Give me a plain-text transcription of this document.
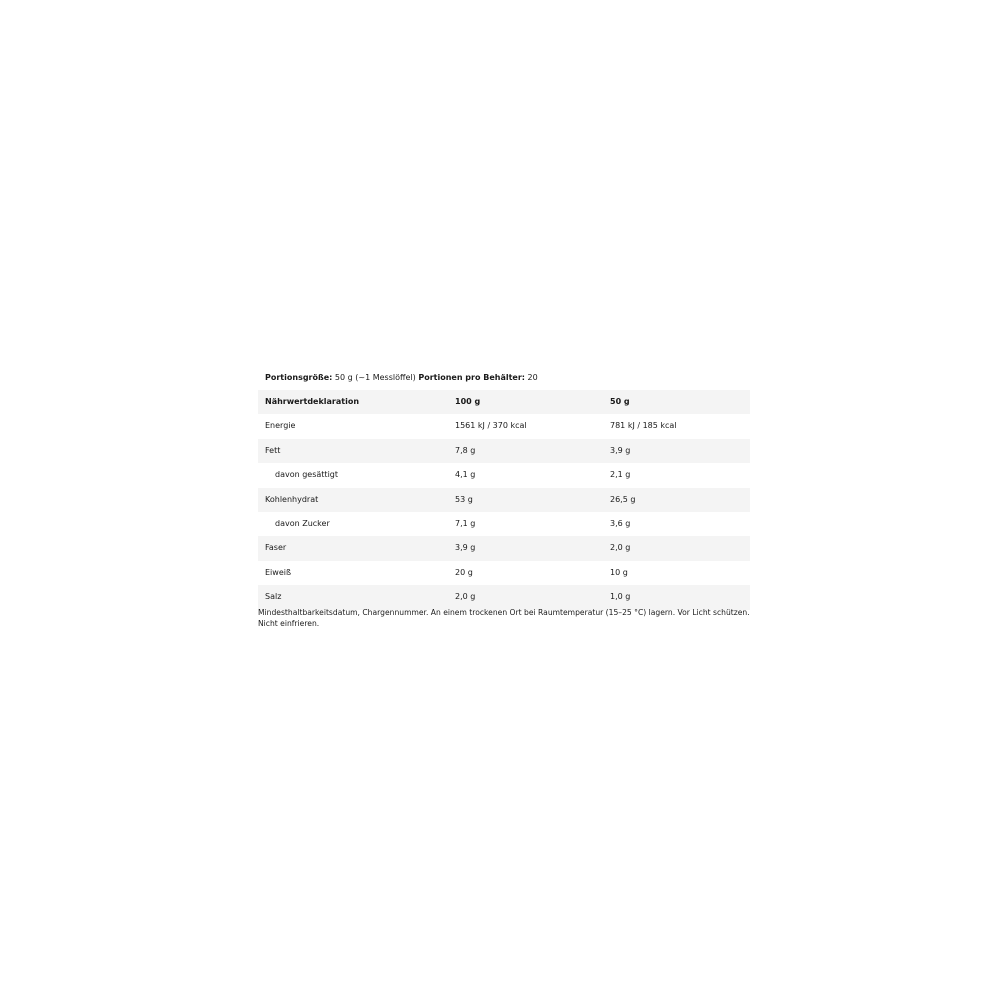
Portionsgröße: 50 g (~1 Messlöffel) Portionen pro Behälter: 20
Nährwertdeklaration	100 g	50 g
Energie	1561 kJ / 370 kcal	781 kJ / 185 kcal
Fett	7,8 g	3,9 g
davon gesättigt	4,1 g	2,1 g
Kohlenhydrat	53 g	26,5 g
davon Zucker	7,1 g	3,6 g
Faser	3,9 g	2,0 g
Eiweiß	20 g	10 g
Salz	2,0 g	1,0 g
Mindesthaltbarkeitsdatum, Chargennummer. An einem trockenen Ort bei Raumtemperatur (15–25 °C) lagern. Vor Licht schützen. Nicht einfrieren.
